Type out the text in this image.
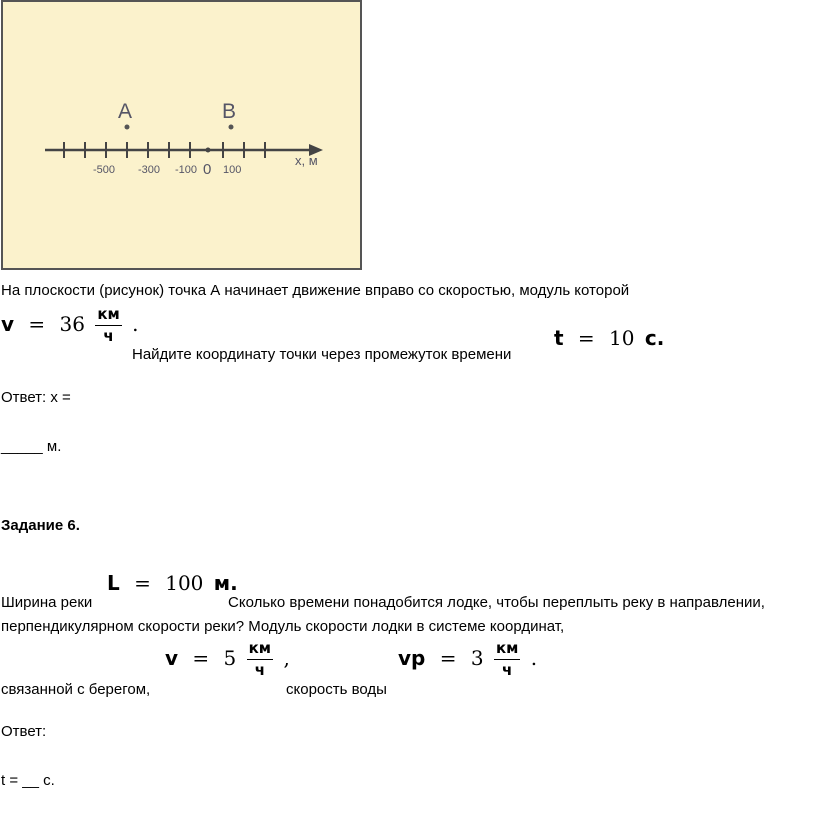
A	B
-500 -300 -100 0 100
х, м
На плоскости (рисунок) точка А начинает движение вправо со скоростью, модуль которой
$v = 36 \frac{км}{ч}$ .
Найдите координату точки через промежуток времени
t = 10 с.
Ответ: х =
_____ м.
Задание 6.
Ширина реки
L = 100 м.
Сколько времени понадобится лодке, чтобы переплыть реку в направлении,
перпендикулярном скорости реки? Модуль скорости лодки в системе координат,
$v = 5 \frac{км}{ч}$ ,	vp = $3 \frac{км}{ч}$ .
связанной с берегом,	скорость воды
Ответ:
t = __ с.
